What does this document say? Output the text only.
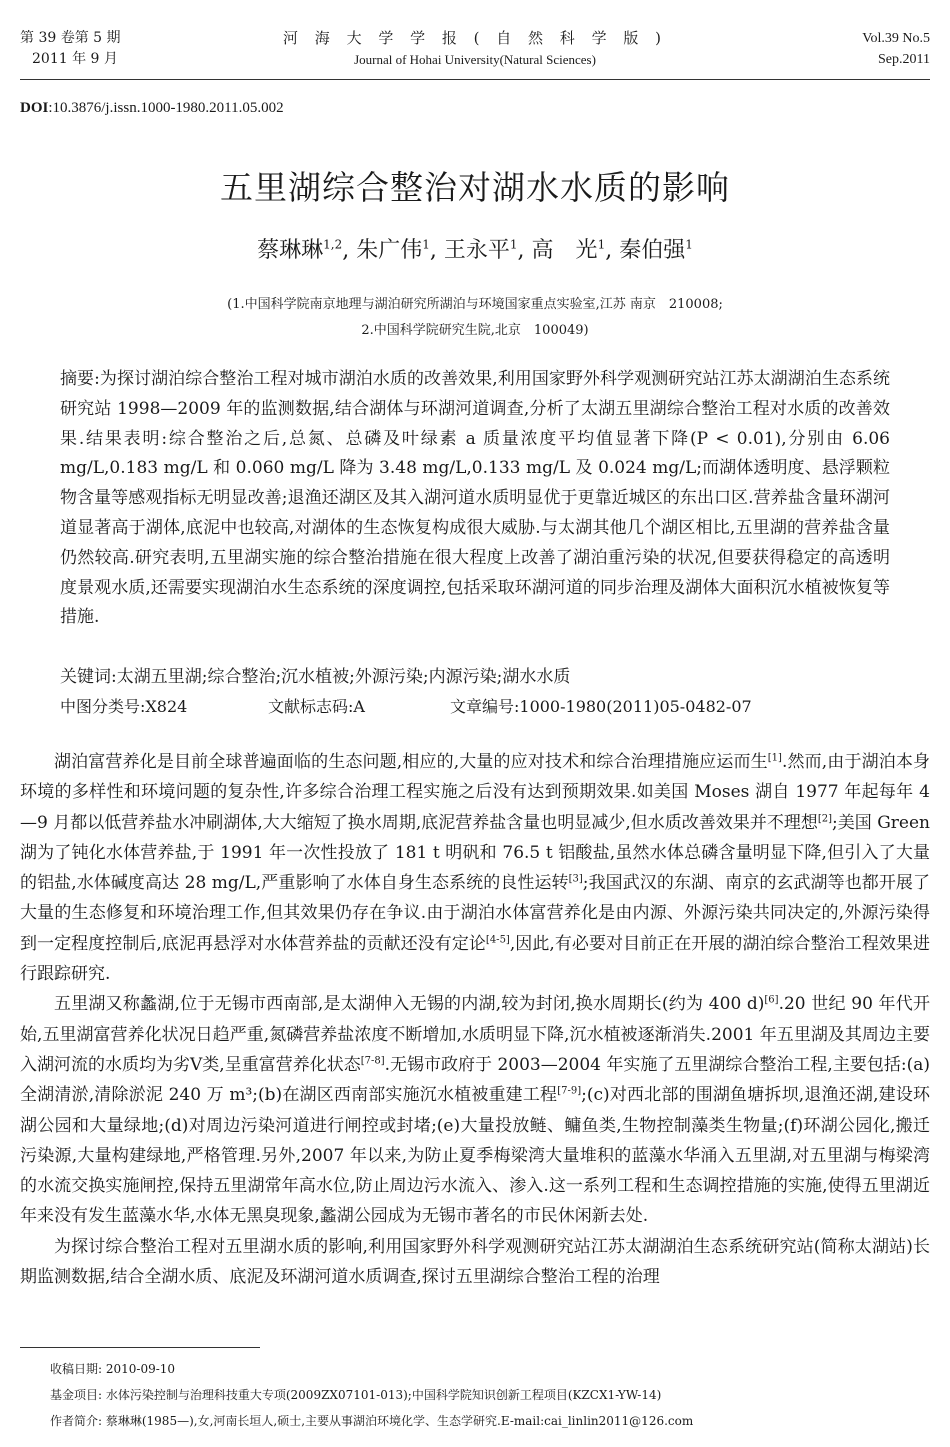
第 39 卷第 5 期
2011 年 9 月
河 海 大 学 学 报 ( 自 然 科 学 版 )
Journal of Hohai University(Natural Sciences)
Vol.39 No.5
Sep.2011
DOI:10.3876/j.issn.1000-1980.2011.05.002
五里湖综合整治对湖水水质的影响
蔡琳琳$^{1,2}$, 朱广伟$^1$, 王永平$^1$, 高　光$^1$, 秦伯强$^1$
(1.中国科学院南京地理与湖泊研究所湖泊与环境国家重点实验室,江苏 南京　210008;
2.中国科学院研究生院,北京　100049)
摘要:为探讨湖泊综合整治工程对城市湖泊水质的改善效果,利用国家野外科学观测研究站江苏太湖湖泊生态系统研究站 1998—2009 年的监测数据,结合湖体与环湖河道调查,分析了太湖五里湖综合整治工程对水质的改善效果.结果表明:综合整治之后,总氮、总磷及叶绿素 a 质量浓度平均值显著下降(P < 0.01),分别由 6.06 mg/L,0.183 mg/L 和 0.060 mg/L 降为 3.48 mg/L,0.133 mg/L 及 0.024 mg/L;而湖体透明度、悬浮颗粒物含量等感观指标无明显改善;退渔还湖区及其入湖河道水质明显优于更靠近城区的东出口区.营养盐含量环湖河道显著高于湖体,底泥中也较高,对湖体的生态恢复构成很大威胁.与太湖其他几个湖区相比,五里湖的营养盐含量仍然较高.研究表明,五里湖实施的综合整治措施在很大程度上改善了湖泊重污染的状况,但要获得稳定的高透明度景观水质,还需要实现湖泊水生态系统的深度调控,包括采取环湖河道的同步治理及湖体大面积沉水植被恢复等措施.
关键词:太湖五里湖;综合整治;沉水植被;外源污染;内源污染;湖水水质
中图分类号:X824	文献标志码:A	文章编号:1000-1980(2011)05-0482-07

湖泊富营养化是目前全球普遍面临的生态问题,相应的,大量的应对技术和综合治理措施应运而生[1].然而,由于湖泊本身环境的多样性和环境问题的复杂性,许多综合治理工程实施之后没有达到预期效果.如美国 Moses 湖自 1977 年起每年 4—9 月都以低营养盐水冲刷湖体,大大缩短了换水周期,底泥营养盐含量也明显减少,但水质改善效果并不理想[2];美国 Green 湖为了钝化水体营养盐,于 1991 年一次性投放了 181 t 明矾和 76.5 t 铝酸盐,虽然水体总磷含量明显下降,但引入了大量的铝盐,水体碱度高达 28 mg/L,严重影响了水体自身生态系统的良性运转[3];我国武汉的东湖、南京的玄武湖等也都开展了大量的生态修复和环境治理工作,但其效果仍存在争议.由于湖泊水体富营养化是由内源、外源污染共同决定的,外源污染得到一定程度控制后,底泥再悬浮对水体营养盐的贡献还没有定论[4-5],因此,有必要对目前正在开展的湖泊综合整治工程效果进行跟踪研究.

五里湖又称蠡湖,位于无锡市西南部,是太湖伸入无锡的内湖,较为封闭,换水周期长(约为 400 d)[6].20 世纪 90 年代开始,五里湖富营养化状况日趋严重,氮磷营养盐浓度不断增加,水质明显下降,沉水植被逐渐消失.2001 年五里湖及其周边主要入湖河流的水质均为劣Ⅴ类,呈重富营养化状态[7-8].无锡市政府于 2003—2004 年实施了五里湖综合整治工程,主要包括:(a)全湖清淤,清除淤泥 240 万 m³;(b)在湖区西南部实施沉水植被重建工程[7-9];(c)对西北部的围湖鱼塘拆坝,退渔还湖,建设环湖公园和大量绿地;(d)对周边污染河道进行闸控或封堵;(e)大量投放鲢、鳙鱼类,生物控制藻类生物量;(f)环湖公园化,搬迁污染源,大量构建绿地,严格管理.另外,2007 年以来,为防止夏季梅梁湾大量堆积的蓝藻水华涌入五里湖,对五里湖与梅梁湾的水流交换实施闸控,保持五里湖常年高水位,防止周边污水流入、渗入.这一系列工程和生态调控措施的实施,使得五里湖近年来没有发生蓝藻水华,水体无黑臭现象,蠡湖公园成为无锡市著名的市民休闲新去处.

为探讨综合整治工程对五里湖水质的影响,利用国家野外科学观测研究站江苏太湖湖泊生态系统研究站(简称太湖站)长期监测数据,结合全湖水质、底泥及环湖河道水质调查,探讨五里湖综合整治工程的治理

收稿日期: 2010-09-10
基金项目: 水体污染控制与治理科技重大专项(2009ZX07101-013);中国科学院知识创新工程项目(KZCX1-YW-14)
作者简介: 蔡琳琳(1985—),女,河南长垣人,硕士,主要从事湖泊环境化学、生态学研究.E-mail:cai_linlin2011@126.com
